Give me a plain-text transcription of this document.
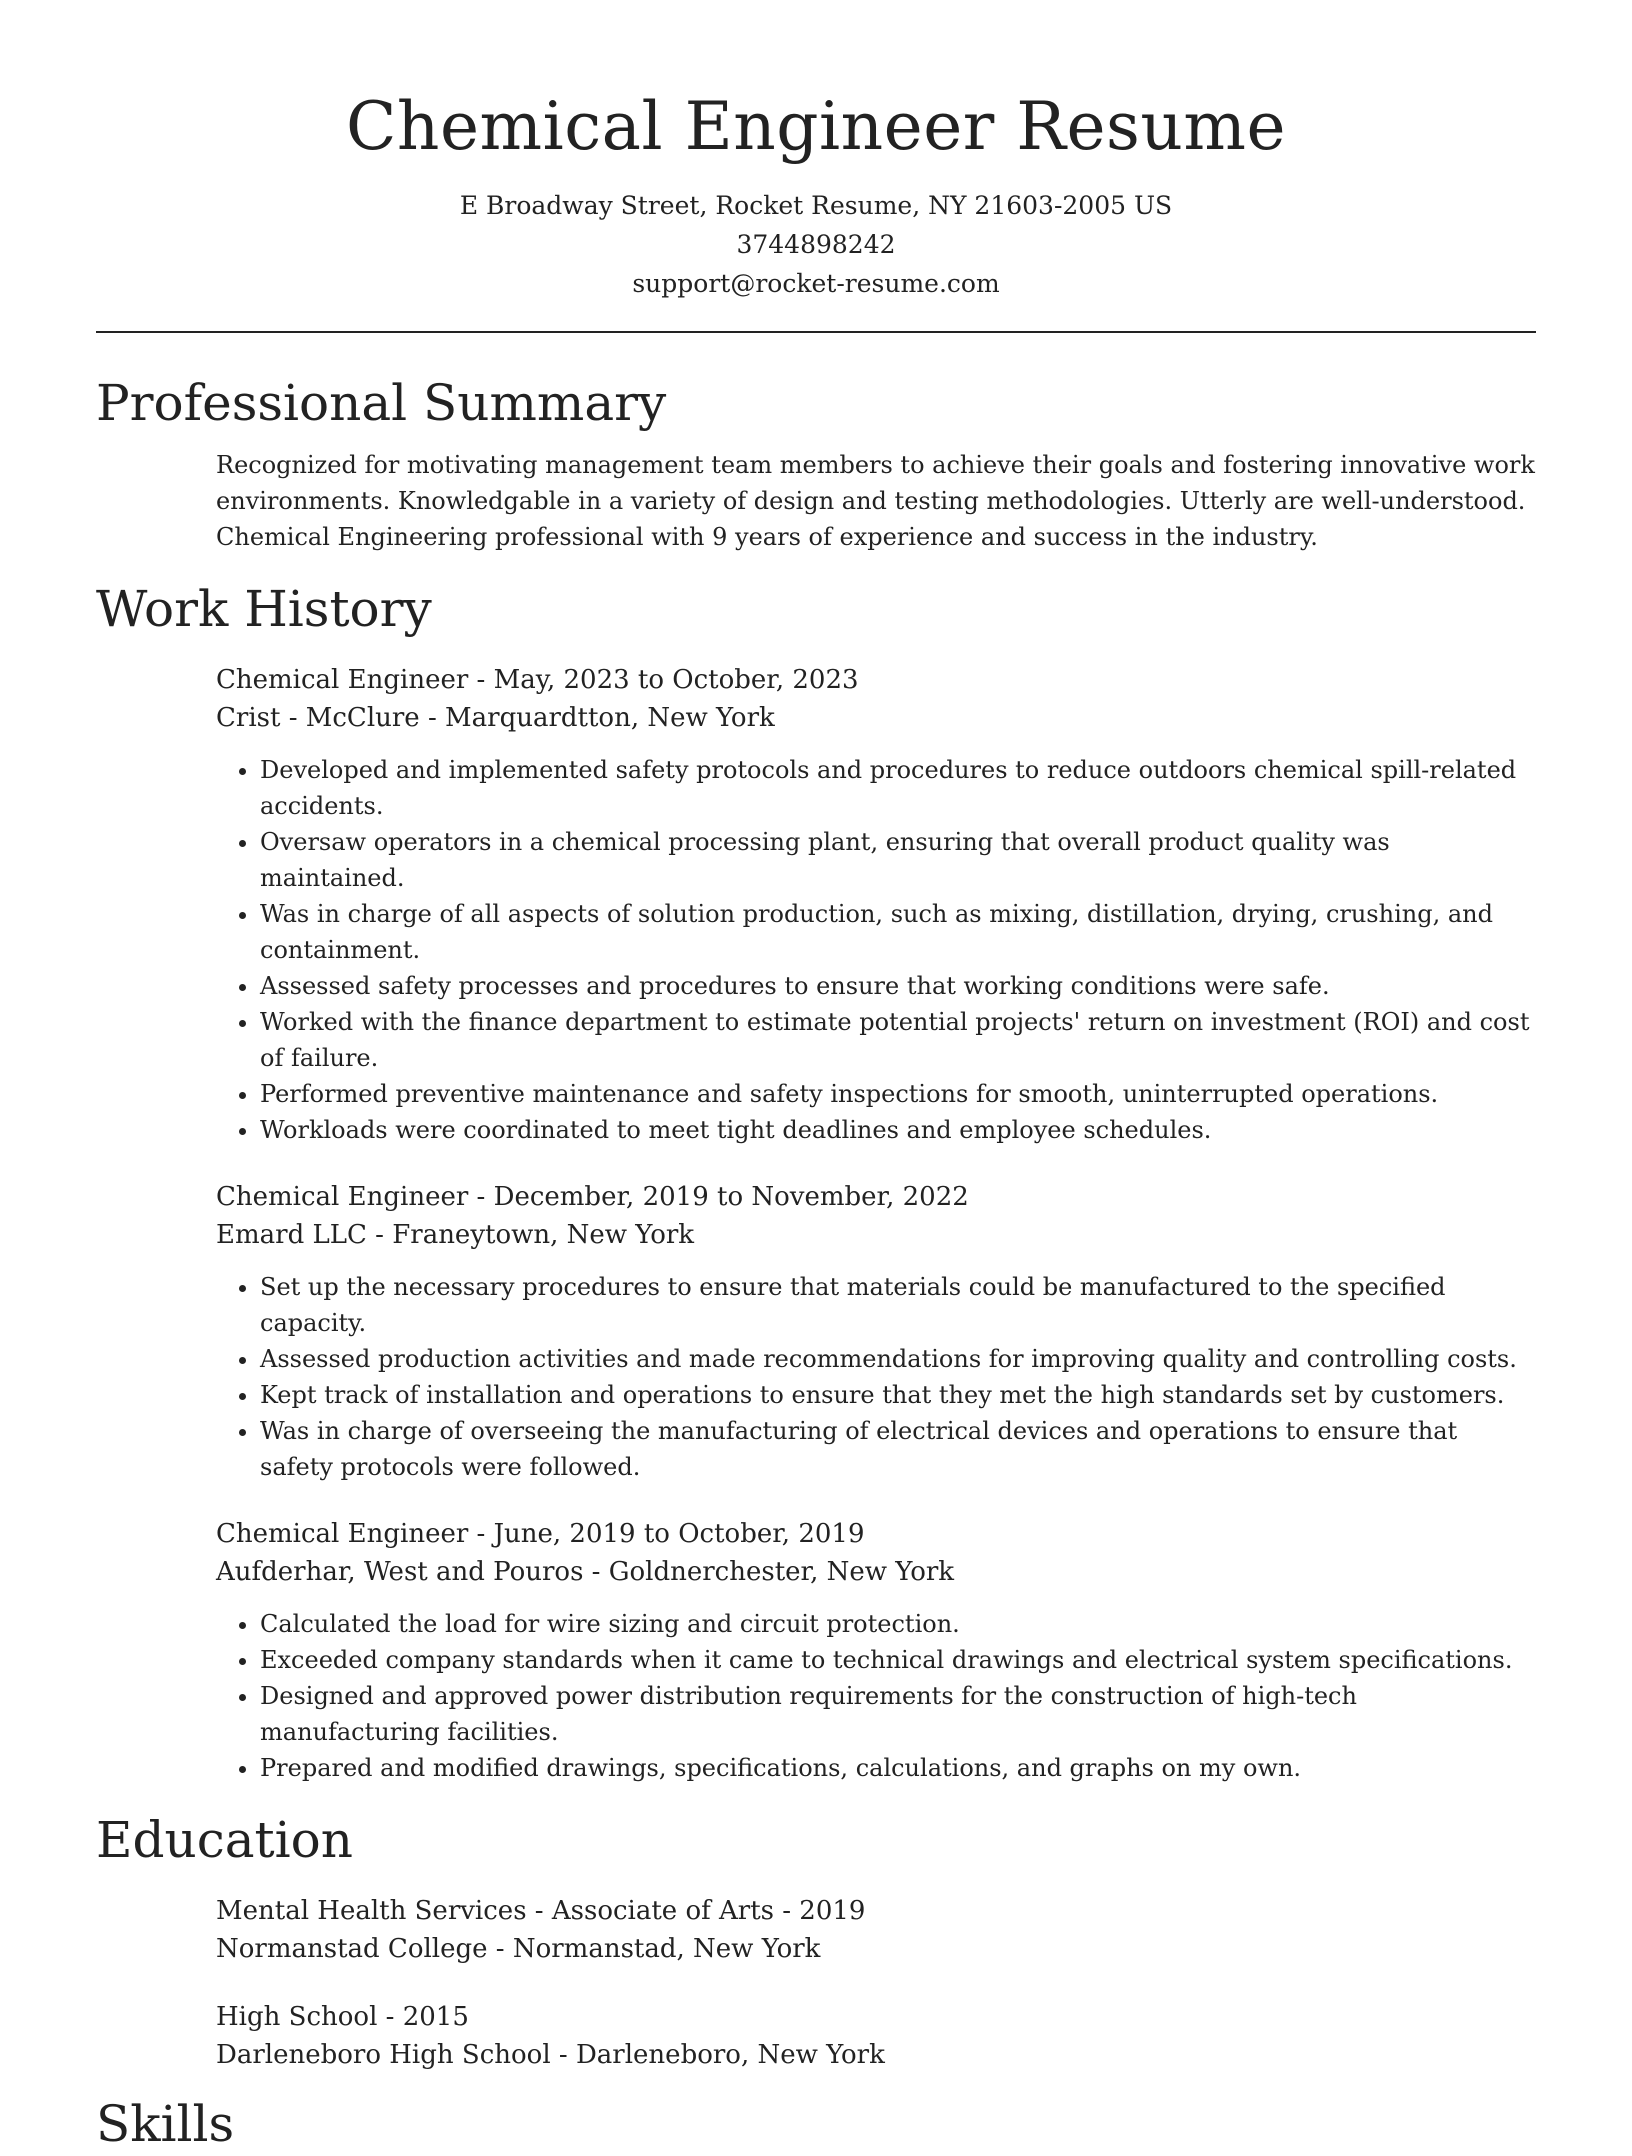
Chemical Engineer Resume
E Broadway Street, Rocket Resume, NY 21603-2005 US
3744898242
support@rocket-resume.com
Professional Summary
Recognized for motivating management team members to achieve their goals and fostering innovative work environments. Knowledgable in a variety of design and testing methodologies. Utterly are well-understood. Chemical Engineering professional with 9 years of experience and success in the industry.
Work History
Chemical Engineer - May, 2023 to October, 2023
Crist - McClure - Marquardtton, New York
• Developed and implemented safety protocols and procedures to reduce outdoors chemical spill-related accidents.
• Oversaw operators in a chemical processing plant, ensuring that overall product quality was maintained.
• Was in charge of all aspects of solution production, such as mixing, distillation, drying, crushing, and containment.
• Assessed safety processes and procedures to ensure that working conditions were safe.
• Worked with the finance department to estimate potential projects' return on investment (ROI) and cost of failure.
• Performed preventive maintenance and safety inspections for smooth, uninterrupted operations.
• Workloads were coordinated to meet tight deadlines and employee schedules.
Chemical Engineer - December, 2019 to November, 2022
Emard LLC - Franeytown, New York
• Set up the necessary procedures to ensure that materials could be manufactured to the specified capacity.
• Assessed production activities and made recommendations for improving quality and controlling costs.
• Kept track of installation and operations to ensure that they met the high standards set by customers.
• Was in charge of overseeing the manufacturing of electrical devices and operations to ensure that safety protocols were followed.
Chemical Engineer - June, 2019 to October, 2019
Aufderhar, West and Pouros - Goldnerchester, New York
• Calculated the load for wire sizing and circuit protection.
• Exceeded company standards when it came to technical drawings and electrical system specifications.
• Designed and approved power distribution requirements for the construction of high-tech manufacturing facilities.
• Prepared and modified drawings, specifications, calculations, and graphs on my own.
Education
Mental Health Services - Associate of Arts - 2019
Normanstad College - Normanstad, New York
High School - 2015
Darleneboro High School - Darleneboro, New York
Skills
